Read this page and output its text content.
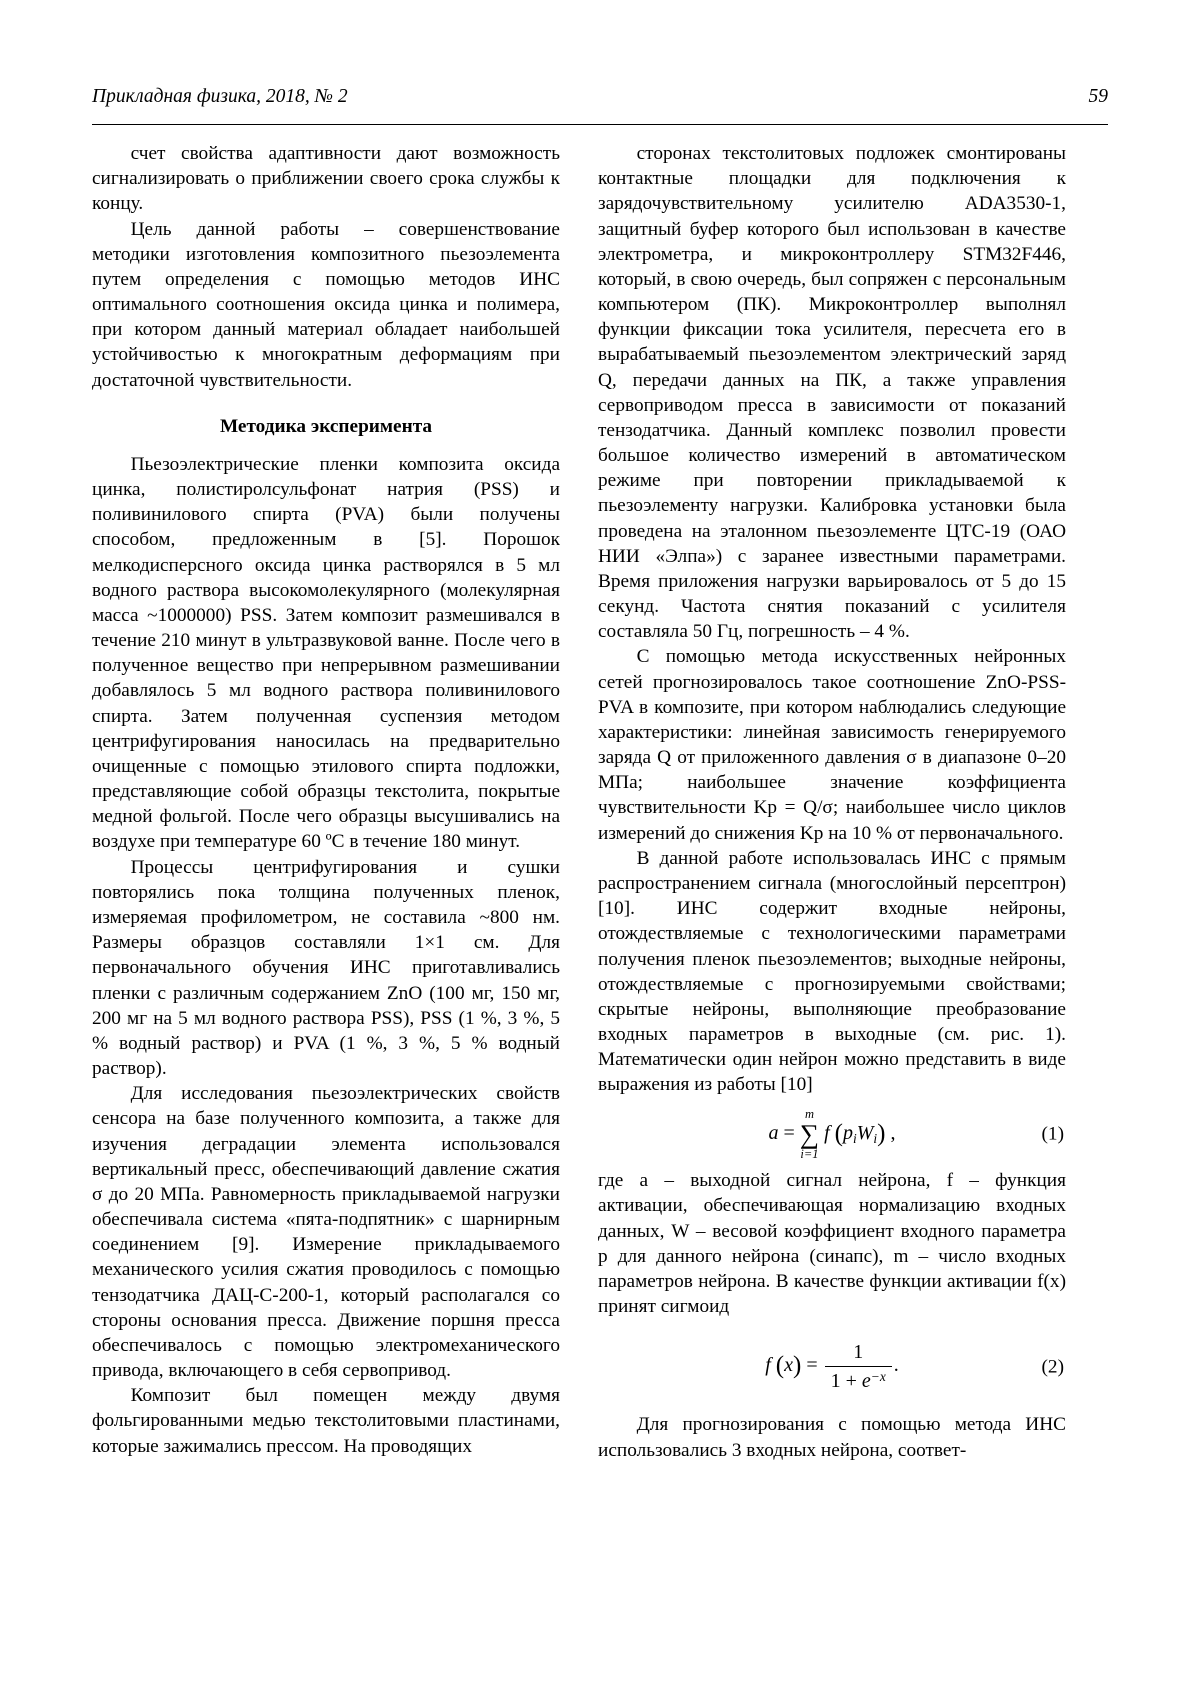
Прикладная физика, 2018, № 2	59

счет свойства адаптивности дают возможность сигнализировать о приближении своего срока службы к концу.

Цель данной работы – совершенствование методики изготовления композитного пьезоэлемента путем определения с помощью методов ИНС оптимального соотношения оксида цинка и полимера, при котором данный материал обладает наибольшей устойчивостью к многократным деформациям при достаточной чувствительности.

Методика эксперимента

Пьезоэлектрические пленки композита оксида цинка, полистиролсульфонат натрия (PSS) и поливинилового спирта (PVA) были получены способом, предложенным в [5]. Порошок мелкодисперсного оксида цинка растворялся в 5 мл водного раствора высокомолекулярного (молекулярная масса ~1000000) PSS. Затем композит размешивался в течение 210 минут в ультразвуковой ванне. После чего в полученное вещество при непрерывном размешивании добавлялось 5 мл водного раствора поливинилового спирта. Затем полученная суспензия методом центрифугирования наносилась на предварительно очищенные с помощью этилового спирта подложки, представляющие собой образцы текстолита, покрытые медной фольгой. После чего образцы высушивались на воздухе при температуре 60 ºС в течение 180 минут.

Процессы центрифугирования и сушки повторялись пока толщина полученных пленок, измеряемая профилометром, не составила ~800 нм. Размеры образцов составляли 1×1 см. Для первоначального обучения ИНС приготавливались пленки с различным содержанием ZnO (100 мг, 150 мг, 200 мг на 5 мл водного раствора PSS), PSS (1 %, 3 %, 5 % водный раствор) и PVA (1 %, 3 %, 5 % водный раствор).

Для исследования пьезоэлектрических свойств сенсора на базе полученного композита, а также для изучения деградации элемента использовался вертикальный пресс, обеспечивающий давление сжатия σ до 20 МПа. Равномерность прикладываемой нагрузки обеспечивала система «пята-подпятник» с шарнирным соединением [9]. Измерение прикладываемого механического усилия сжатия проводилось с помощью тензодатчика ДАЦ-С-200-1, который располагался со стороны основания пресса. Движение поршня пресса обеспечивалось с помощью электромеханического привода, включающего в себя сервопривод.

Композит был помещен между двумя фольгированными медью текстолитовыми пластинами, которые зажимались прессом. На проводящих

сторонах текстолитовых подложек смонтированы контактные площадки для подключения к зарядочувствительному усилителю ADA3530-1, защитный буфер которого был использован в качестве электрометра, и микроконтроллеру STM32F446, который, в свою очередь, был сопряжен с персональным компьютером (ПК). Микроконтроллер выполнял функции фиксации тока усилителя, пересчета его в вырабатываемый пьезоэлементом электрический заряд Q, передачи данных на ПК, а также управления сервоприводом пресса в зависимости от показаний тензодатчика. Данный комплекс позволил провести большое количество измерений в автоматическом режиме при повторении прикладываемой к пьезоэлементу нагрузки. Калибровка установки была проведена на эталонном пьезоэлементе ЦТС-19 (ОАО НИИ «Элпа») с заранее известными параметрами. Время приложения нагрузки варьировалось от 5 до 15 секунд. Частота снятия показаний с усилителя составляла 50 Гц, погрешность – 4 %.

С помощью метода искусственных нейронных сетей прогнозировалось такое соотношение ZnO-PSS-PVA в композите, при котором наблюдались следующие характеристики: линейная зависимость генерируемого заряда Q от приложенного давления σ в диапазоне 0–20 МПа; наибольшее значение коэффициента чувствительности Kp = Q/σ; наибольшее число циклов измерений до снижения Kp на 10 % от первоначального.

В данной работе использовалась ИНС с прямым распространением сигнала (многослойный персептрон) [10]. ИНС содержит входные нейроны, отождествляемые с технологическими параметрами получения пленок пьезоэлементов; выходные нейроны, отождествляемые с прогнозируемыми свойствами; скрытые нейроны, выполняющие преобразование входных параметров в выходные (см. рис. 1). Математически один нейрон можно представить в виде выражения из работы [10]

a = ∑
m
i=1
f $(p_iW_i)$ ,	(1)

где a – выходной сигнал нейрона, f – функция активации, обеспечивающая нормализацию входных данных, W – весовой коэффициент входного параметра p для данного нейрона (синапс), m – число входных параметров нейрона. В качестве функции активации f(x) принят сигмоид

f $(x) = \frac{1}{1 + e^{-x}}$ .	(2)

Для прогнозирования с помощью метода ИНС использовались 3 входных нейрона, соответ-
